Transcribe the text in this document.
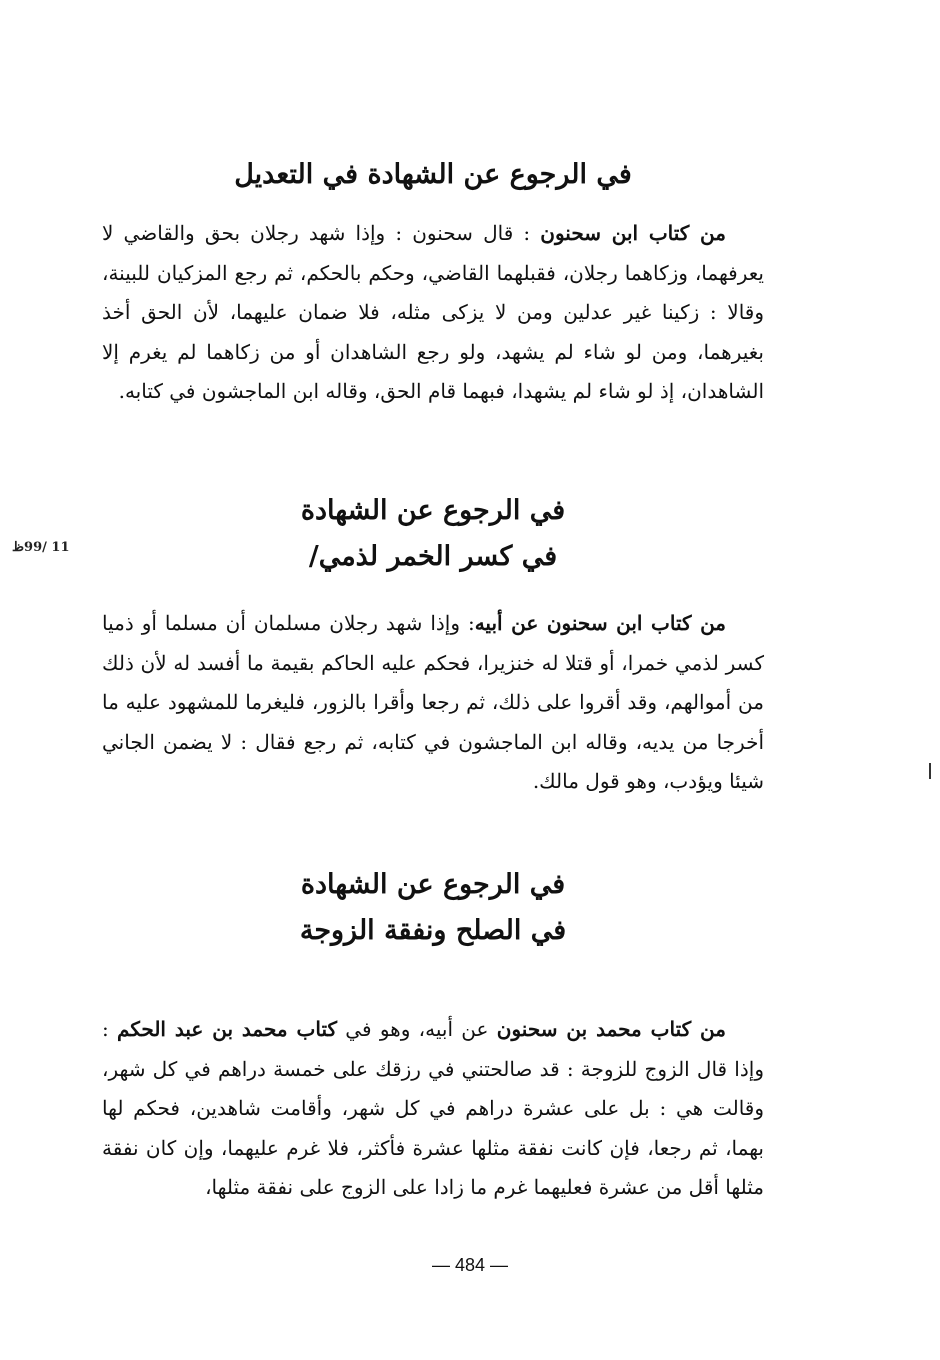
في الرجوع عن الشهادة في التعديل

من كتاب ابن سحنون : قال سحنون : وإذا شهد رجلان بحق والقاضي لا يعرفهما، وزكاهما رجلان، فقبلهما القاضي، وحكم بالحكم، ثم رجع المزكيان للبينة، وقالا : زكينا غير عدلين ومن لا يزكى مثله، فلا ضمان عليهما، لأن الحق أخذ بغيرهما، ومن لو شاء لم يشهد، ولو رجع الشاهدان أو من زكاهما لم يغرم إلا الشاهدان، إذ لو شاء لم يشهدا، فبهما قام الحق، وقاله ابن الماجشون في كتابه.

في الرجوع عن الشهادة
في كسر الخمر لذمي/
11 /99ظ

من كتاب ابن سحنون عن أبيه: وإذا شهد رجلان مسلمان أن مسلما أو ذميا كسر لذمي خمرا، أو قتلا له خنزيرا، فحكم عليه الحاكم بقيمة ما أفسد له لأن ذلك من أموالهم، وقد أقروا على ذلك، ثم رجعا وأقرا بالزور، فليغرما للمشهود عليه ما أخرجا من يديه، وقاله ابن الماجشون في كتابه، ثم رجع فقال : لا يضمن الجاني شيئا ويؤدب، وهو قول مالك.

في الرجوع عن الشهادة
في الصلح ونفقة الزوجة

من كتاب محمد بن سحنون عن أبيه، وهو في كتاب محمد بن عبد الحكم : وإذا قال الزوج للزوجة : قد صالحتني في رزقك على خمسة دراهم في كل شهر، وقالت هي : بل على عشرة دراهم في كل شهر، وأقامت شاهدين، فحكم لها بهما، ثم رجعا، فإن كانت نفقة مثلها عشرة فأكثر، فلا غرم عليهما، وإن كان نفقة مثلها أقل من عشرة فعليهما غرم ما زادا على الزوج على نفقة مثلها،

— 484 —
